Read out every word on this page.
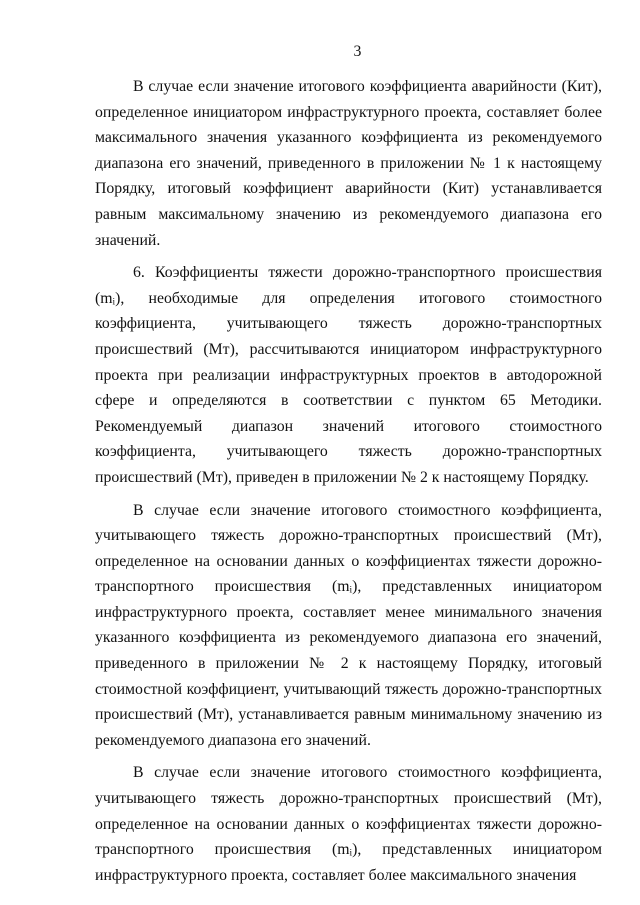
3

В случае если значение итогового коэффициента аварийности (Кит), определенное инициатором инфраструктурного проекта, составляет более максимального значения указанного коэффициента из рекомендуемого диапазона его значений, приведенного в приложении № 1 к настоящему Порядку, итоговый коэффициент аварийности (Кит) устанавливается равным максимальному значению из рекомендуемого диапазона его значений.

6. Коэффициенты тяжести дорожно-транспортного происшествия (mᵢ), необходимые для определения итогового стоимостного коэффициента, учитывающего тяжесть дорожно-транспортных происшествий (Mᴛ), рассчитываются инициатором инфраструктурного проекта при реализации инфраструктурных проектов в автодорожной сфере и определяются в соответствии с пунктом 65 Методики. Рекомендуемый диапазон значений итогового стоимостного коэффициента, учитывающего тяжесть дорожно-транспортных происшествий (Mᴛ), приведен в приложении № 2 к настоящему Порядку.

В случае если значение итогового стоимостного коэффициента, учитывающего тяжесть дорожно-транспортных происшествий (Mᴛ), определенное на основании данных о коэффициентах тяжести дорожно-транспортного происшествия (mᵢ), представленных инициатором инфраструктурного проекта, составляет менее минимального значения указанного коэффициента из рекомендуемого диапазона его значений, приведенного в приложении № 2 к настоящему Порядку, итоговый стоимостной коэффициент, учитывающий тяжесть дорожно-транспортных происшествий (Mᴛ), устанавливается равным минимальному значению из рекомендуемого диапазона его значений.

В случае если значение итогового стоимостного коэффициента, учитывающего тяжесть дорожно-транспортных происшествий (Mᴛ), определенное на основании данных о коэффициентах тяжести дорожно-транспортного происшествия (mᵢ), представленных инициатором инфраструктурного проекта, составляет более максимального значения
